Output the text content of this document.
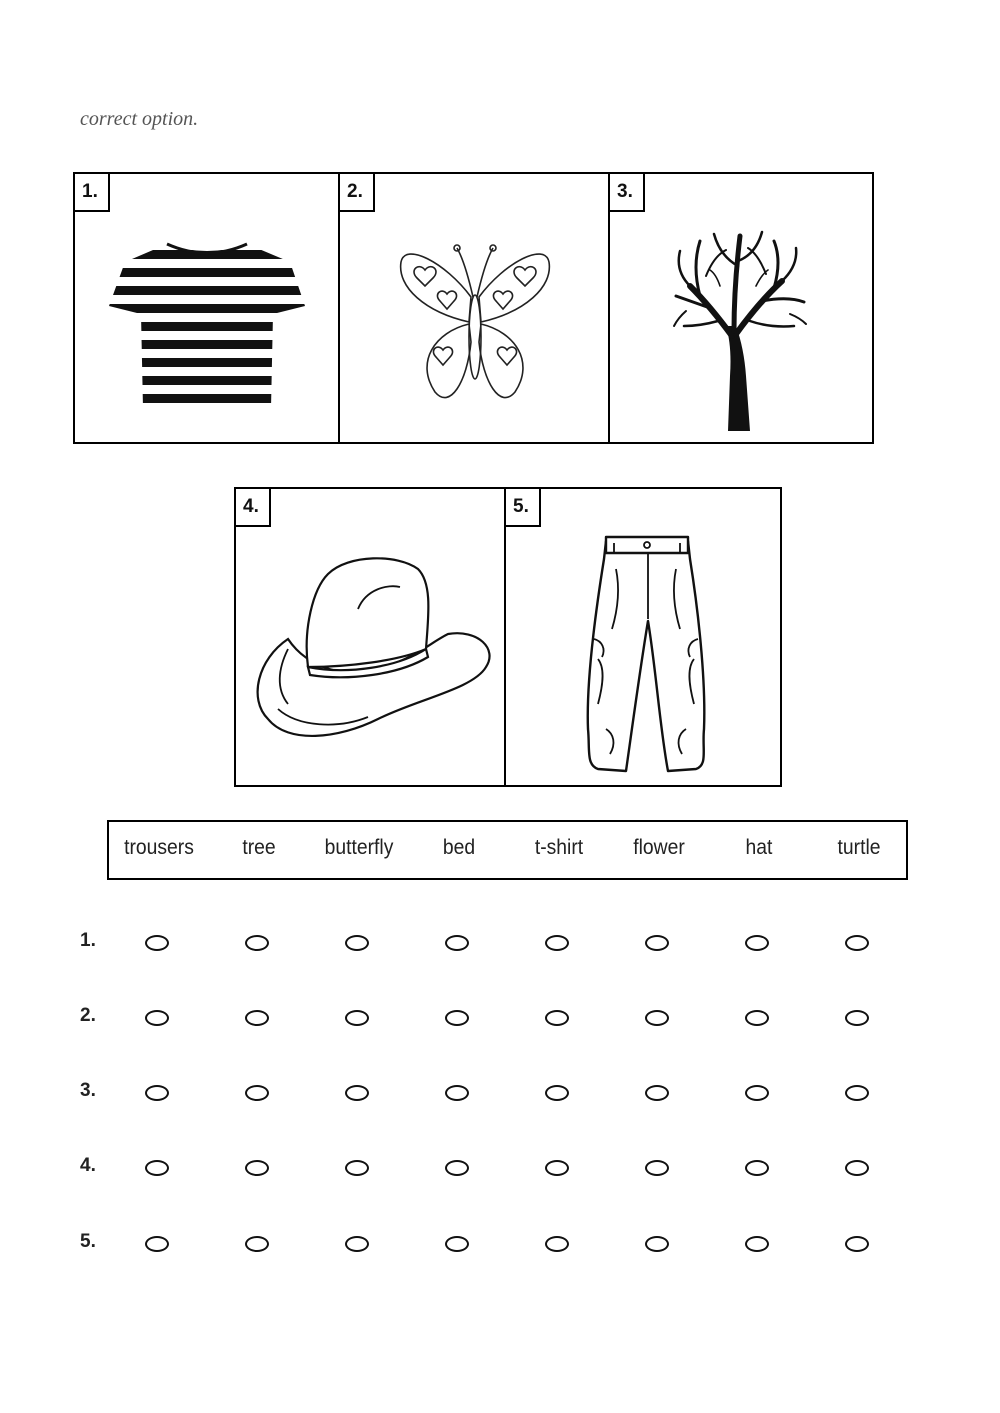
correct option.
1.	2.	3.
4.	5.
trousers	tree	butterfly	bed	t-shirt	flower	hat	turtle
1.
2.
3.
4.
5.
